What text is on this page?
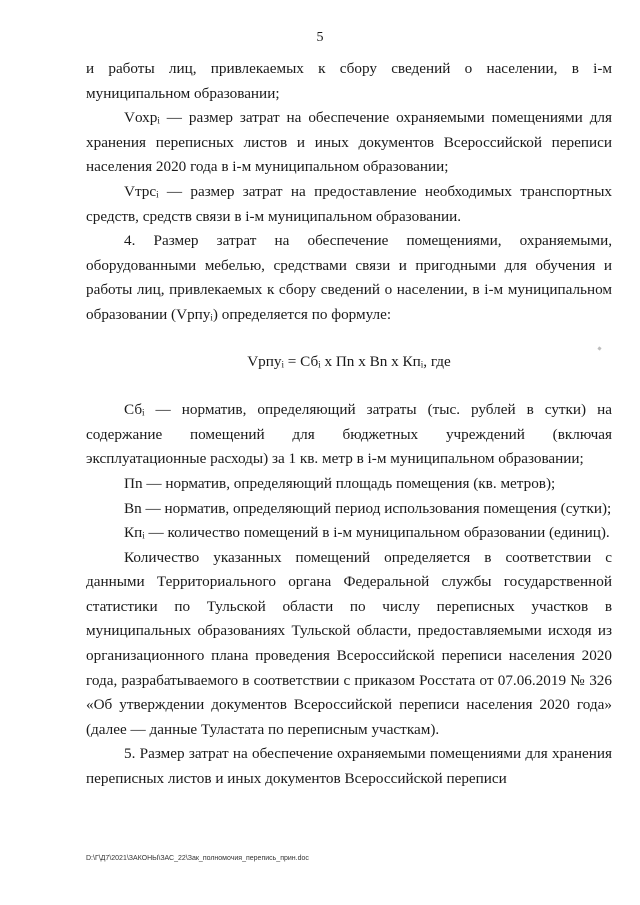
5

и работы лиц, привлекаемых к сбору сведений о населении, в i-м муниципальном образовании;

Vохрᵢ — размер затрат на обеспечение охраняемыми помещениями для хранения переписных листов и иных документов Всероссийской переписи населения 2020 года в i-м муниципальном образовании;

Vтрсᵢ — размер затрат на предоставление необходимых транспортных средств, средств связи в i-м муниципальном образовании.

4. Размер затрат на обеспечение помещениями, охраняемыми, оборудованными мебелью, средствами связи и пригодными для обучения и работы лиц, привлекаемых к сбору сведений о населении, в i-м муниципальном образовании (Vрпуᵢ) определяется по формуле:

Vрпуᵢ = Сбᵢ х Пn х Вn х Кпᵢ, где

Сбᵢ — норматив, определяющий затраты (тыс. рублей в сутки) на содержание помещений для бюджетных учреждений (включая эксплуатационные расходы) за 1 кв. метр в i-м муниципальном образовании;

Пn — норматив, определяющий площадь помещения (кв. метров);

Вn — норматив, определяющий период использования помещения (сутки);

Кпᵢ — количество помещений в i-м муниципальном образовании (единиц).

Количество указанных помещений определяется в соответствии с данными Территориального органа Федеральной службы государственной статистики по Тульской области по числу переписных участков в муниципальных образованиях Тульской области, предоставляемыми исходя из организационного плана проведения Всероссийской переписи населения 2020 года, разрабатываемого в соответствии с приказом Росстата от 07.06.2019 № 326 «Об утверждении документов Всероссийской переписи населения 2020 года» (далее — данные Туластата по переписным участкам).

5. Размер затрат на обеспечение охраняемыми помещениями для хранения переписных листов и иных документов Всероссийской переписи

D:\Г\Д7\2021\ЗАКОНЫ\ЗАС_22\Зак_полномочия_перепись_прин.doc
